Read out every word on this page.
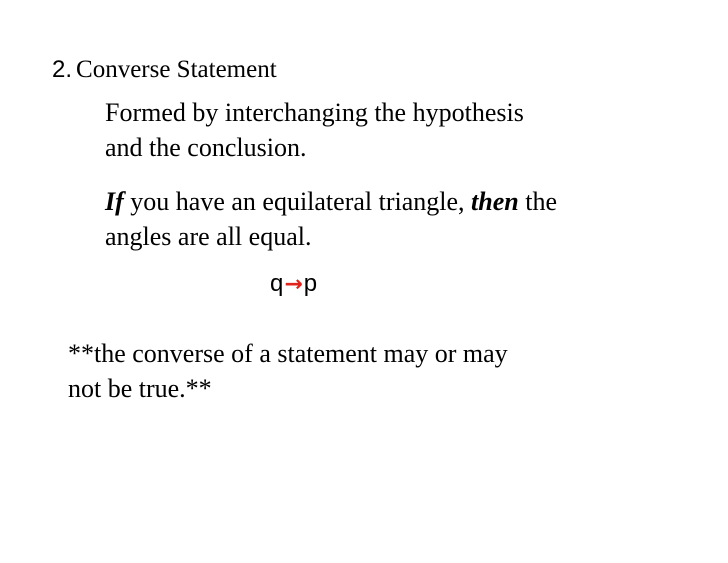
2. Converse Statement
Formed by interchanging the hypothesis
and the conclusion.
If you have an equilateral triangle, then the
angles are all equal.
q→p
**the converse of a statement may or may
not be true.**
